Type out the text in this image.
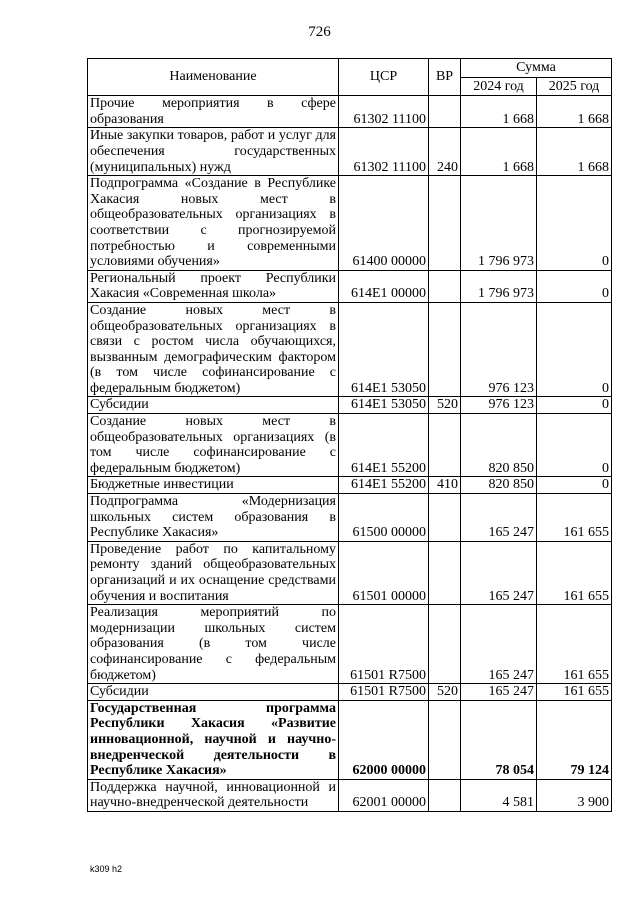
726
Наименование	ЦСР	ВР	Сумма	
			2024 год	2025 год
Прочие мероприятия в сфере образования	61302 11100		1 668	1 668
Иные закупки товаров, работ и услуг для обеспечения государственных (муниципальных) нужд	61302 11100	240	1 668	1 668
Подпрограмма «Создание в Республике Хакасия новых мест в общеобразовательных организациях в соответствии с прогнозируемой потребностью и современными условиями обучения»	61400 00000		1 796 973	0
Региональный проект Республики Хакасия «Современная школа»	614E1 00000		1 796 973	0
Создание новых мест в общеобразовательных организациях в связи с ростом числа обучающихся, вызванным демографическим фактором (в том числе софинансирование с федеральным бюджетом)	614E1 53050		976 123	0
Субсидии	614E1 53050	520	976 123	0
Создание новых мест в общеобразовательных организациях (в том числе софинансирование с федеральным бюджетом)	614E1 55200		820 850	0
Бюджетные инвестиции	614E1 55200	410	820 850	0
Подпрограмма «Модернизация школьных систем образования в Республике Хакасия»	61500 00000		165 247	161 655
Проведение работ по капитальному ремонту зданий общеобразовательных организаций и их оснащение средствами обучения и воспитания	61501 00000		165 247	161 655
Реализация мероприятий по модернизации школьных систем образования (в том числе софинансирование с федеральным бюджетом)	61501 R7500		165 247	161 655
Субсидии	61501 R7500	520	165 247	161 655
Государственная программа Республики Хакасия «Развитие инновационной, научной и научно-внедренческой деятельности в Республике Хакасия»	62000 00000		78 054	79 124
Поддержка научной, инновационной и научно-внедренческой деятельности	62001 00000		4 581	3 900
k309 h2
